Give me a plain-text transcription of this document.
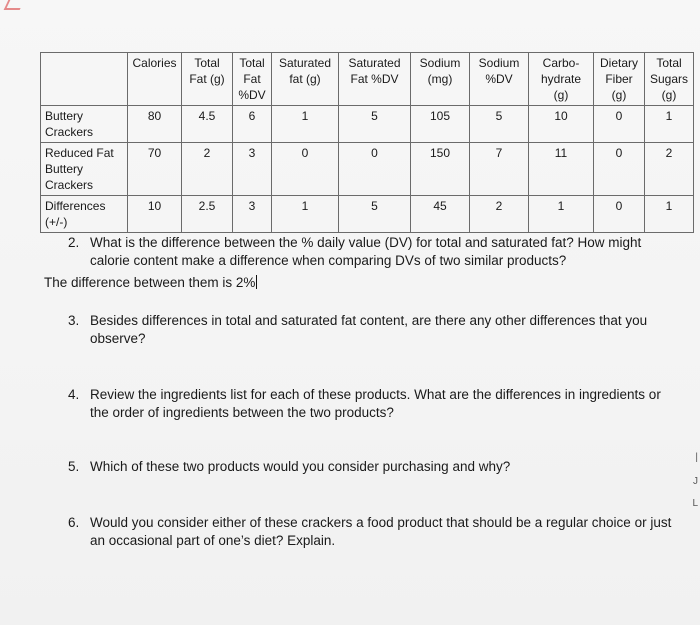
	Calories	Total Fat (g)	Total Fat %DV	Saturated fat (g)	Saturated Fat %DV	Sodium (mg)	Sodium %DV	Carbo-hydrate (g)	Dietary Fiber (g)	Total Sugars (g)
Buttery Crackers	80	4.5	6	1	5	105	5	10	0	1
Reduced Fat Buttery Crackers	70	2	3	0	0	150	7	11	0	2
Differences (+/-)	10	2.5	3	1	5	45	2	1	0	1
2. What is the difference between the % daily value (DV) for total and saturated fat? How might calorie content make a difference when comparing DVs of two similar products?
The difference between them is 2%
3. Besides differences in total and saturated fat content, are there any other differences that you observe?
4. Review the ingredients list for each of these products. What are the differences in ingredients or the order of ingredients between the two products?
5. Which of these two products would you consider purchasing and why?
6. Would you consider either of these crackers a food product that should be a regular choice or just an occasional part of one’s diet? Explain.
|
J
L
